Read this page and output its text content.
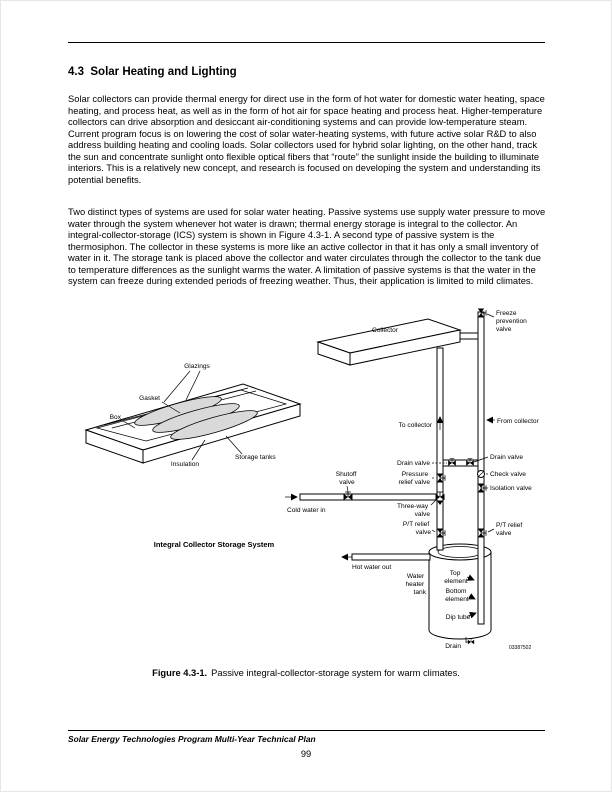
4.3  Solar Heating and Lighting

Solar collectors can provide thermal energy for direct use in the form of hot water for domestic water heating, space heating, and process heat, as well as in the form of hot air for space heating and process heat. Higher-temperature collectors can drive absorption and desiccant air-conditioning systems and can provide low-temperature steam. Current program focus is on lowering the cost of solar water-heating systems, with future active solar R&D to also address building heating and cooling loads. Solar collectors used for hybrid solar lighting, on the other hand, track the sun and concentrate sunlight onto flexible optical fibers that “route” the sunlight inside the building to illuminate interiors. This is a relatively new concept, and research is focused on developing the system and understanding its potential benefits.

Two distinct types of systems are used for solar water heating. Passive systems use supply water pressure to move water through the system whenever hot water is drawn; thermal energy storage is integral to the collector. An integral-collector-storage (ICS) system is shown in Figure 4.3-1. A second type of passive system is the thermosiphon. The collector in these systems is more like an active collector in that it has only a small inventory of water in it. The storage tank is placed above the collector and water circulates through the collector to the tank due to temperature differences as the sunlight warms the water. A limitation of passive systems is that the water in the system can freeze during extended periods of freezing weather. Thus, their application is limited to mild climates.

Glazings
Gasket
Box
Insulation
Storage tanks
Integral Collector Storage System
Collector
Freeze prevention valve
From collector
To collector
Drain valve
Pressure relief valve
Drain valve
Check valve
Isolation valve
Shutoff valve
Cold water in
Three-way valve
P/T relief valve
P/T relief valve
Hot water out
Water heater tank
Top element
Bottom element
Dip tube
Drain	03387502
Figure 4.3-1. Passive integral-collector-storage system for warm climates.
Solar Energy Technologies Program Multi-Year Technical Plan
99
